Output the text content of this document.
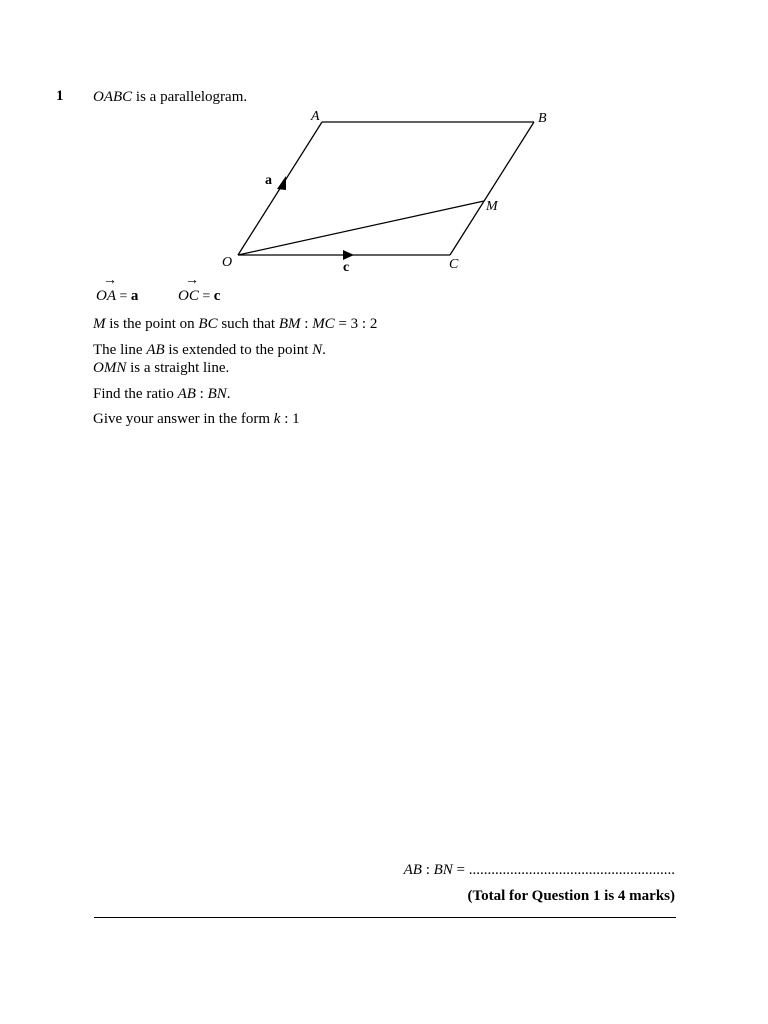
1 OABC is a parallelogram.
A	B
M
O	C
a
c
→
OA = a
→
OC = c
M is the point on BC such that BM : MC = 3 : 2
The line AB is extended to the point N.
OMN is a straight line.
Find the ratio AB : BN.
Give your answer in the form k : 1
AB : BN = .......................................................
(Total for Question 1 is 4 marks)
